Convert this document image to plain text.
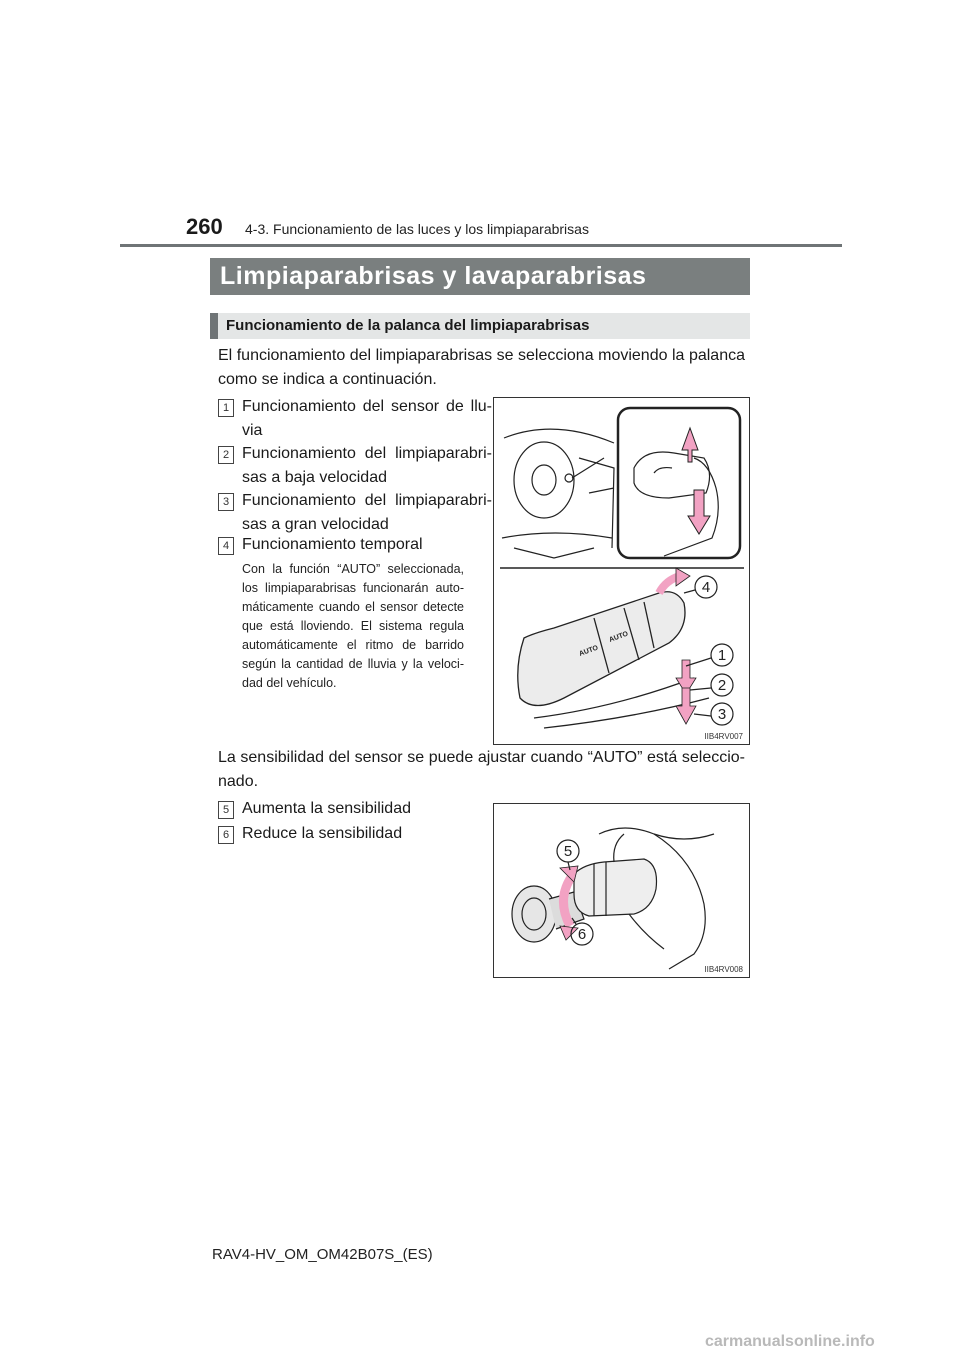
260 4-3. Funcionamiento de las luces y los limpiaparabrisas
Limpiaparabrisas y lavaparabrisas
Funcionamiento de la palanca del limpiaparabrisas
El funcionamiento del limpiaparabrisas se selecciona moviendo la palanca como se indica a continuación.
1 Funcionamiento del sensor de llu-via
2 Funcionamiento del limpiaparabri-sas a baja velocidad
3 Funcionamiento del limpiaparabri-sas a gran velocidad
4 Funcionamiento temporal
Con la función “AUTO” seleccionada, los limpiaparabrisas funcionarán auto-máticamente cuando el sensor detecte que está lloviendo. El sistema regula automáticamente el ritmo de barrido según la cantidad de lluvia y la veloci-dad del vehículo.
AUTO
AUTO
4
1
2
3
IIB4RV007
La sensibilidad del sensor se puede ajustar cuando “AUTO” está seleccio-nado.
5 Aumenta la sensibilidad
6 Reduce la sensibilidad
5
6
IIB4RV008
RAV4-HV_OM_OM42B07S_(ES)
carmanualsonline.info
